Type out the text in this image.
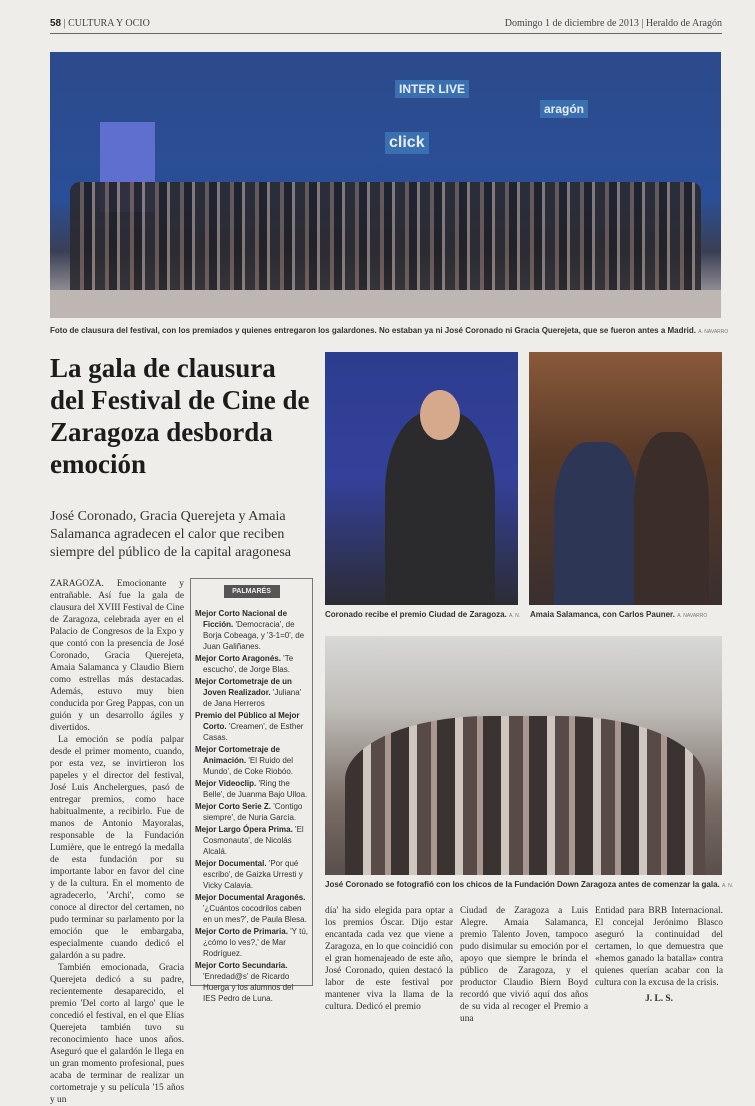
58 | CULTURA Y OCIO	Domingo 1 de diciembre de 2013 | Heraldo de Aragón
INTER LIVE
click
aragón
Foto de clausura del festival, con los premiados y quienes entregaron los galardones. No estaban ya ni José Coronado ni Gracia Querejeta, que se fueron antes a Madrid. A. NAVARRO
La gala de clausura del Festival de Cine de Zaragoza desborda emoción
José Coronado, Gracia Querejeta y Amaia Salamanca agradecen el calor que reciben siempre del público de la capital aragonesa
Coronado recibe el premio Ciudad de Zaragoza. A. N. Amaia Salamanca, con Carlos Pauner. A. NAVARRO
José Coronado se fotografió con los chicos de la Fundación Down Zaragoza antes de comenzar la gala. A. N.

ZARAGOZA. Emocionante y entrañable. Así fue la gala de clausura del XVIII Festival de Cine de Zaragoza, celebrada ayer en el Palacio de Congresos de la Expo y que contó con la presencia de José Coronado, Gracia Querejeta, Amaia Salamanca y Claudio Biern como estrellas más destacadas. Además, estuvo muy bien conducida por Greg Pappas, con un guión y un desarrollo ágiles y divertidos.

La emoción se podía palpar desde el primer momento, cuando, por esta vez, se invirtieron los papeles y el director del festival, José Luis Anchelergues, pasó de entregar premios, como hace habitualmente, a recibirlo. Fue de manos de Antonio Mayoralas, responsable de la Fundación Lumière, que le entregó la medalla de esta fundación por su importante labor en favor del cine y de la cultura. En el momento de agradecerlo, 'Archi', como se conoce al director del certamen, no pudo terminar su parlamento por la emoción que le embargaba, especialmente cuando dedicó el galardón a su padre.

También emocionada, Gracia Querejeta dedicó a su padre, recientemente desaparecido, el premio 'Del corto al largo' que le concedió el festival, en el que Elías Querejeta también tuvo su reconocimiento hace unos años. Aseguró que el galardón le llega en un gran momento profesional, pues acaba de terminar de realizar un cortometraje y su película '15 años y un

PALMARÉS
Mejor Corto Nacional de Ficción. 'Democracia', de Borja Cobeaga, y '3-1=0', de Juan Galiñanes.
Mejor Corto Aragonés. 'Te escucho', de Jorge Blas.
Mejor Cortometraje de un Joven Realizador. 'Juliana' de Jana Herreros
Premio del Público al Mejor Corto. 'Creamen', de Esther Casas.
Mejor Cortometraje de Animación. 'El Ruido del Mundo', de Coke Riobóo.
Mejor Videoclip. 'Ring the Belle', de Juanma Bajo Ulloa.
Mejor Corto Serie Z. 'Contigo siempre', de Nuria García.
Mejor Largo Ópera Prima. 'El Cosmonauta', de Nicolás Alcalá.
Mejor Documental. 'Por qué escribo', de Gaizka Urresti y Vicky Calavia.
Mejor Documental Aragonés. '¿Cuántos cocodrilos caben en un mes?', de Paula Blesa.
Mejor Corto de Primaria. 'Y tú, ¿cómo lo ves?,' de Mar Rodríguez.
Mejor Corto Secundaria. 'Enredad@s' de Ricardo Huerga y los alumnos del IES Pedro de Luna.

día' ha sido elegida para optar a los premios Óscar. Dijo estar encantada cada vez que viene a Zaragoza, en lo que coincidió con el gran homenajeado de este año, José Coronado, quien destacó la labor de este festival por mantener viva la llama de la cultura. Dedicó el premio

Ciudad de Zaragoza a Luis Alegre. Amaia Salamanca, premio Talento Joven, tampoco pudo disimular su emoción por el apoyo que siempre le brinda el público de Zaragoza, y el productor Claudio Biern Boyd recordó que vivió aquí dos años de su vida al recoger el Premio a una

Entidad para BRB Internacional. El concejal Jerónimo Blasco aseguró la continuidad del certamen, lo que demuestra que «hemos ganado la batalla» contra quienes querían acabar con la cultura con la excusa de la crisis.

J. L. S.
